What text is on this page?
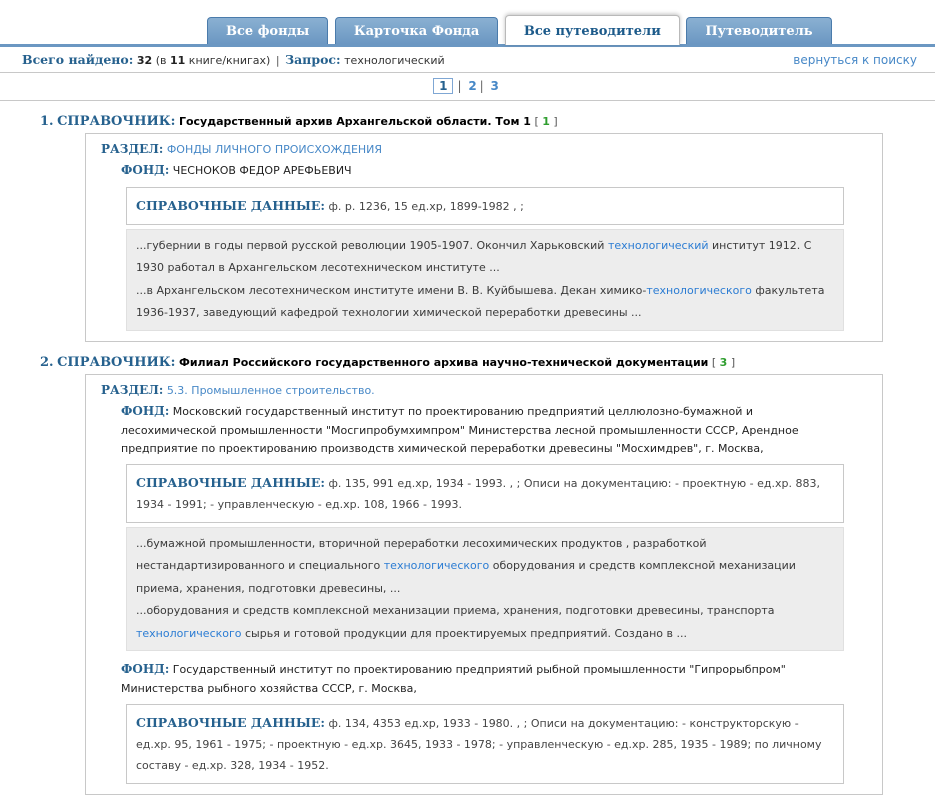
Все фонды	Карточка Фонда	Все путеводители	Путеводитель
Всего найдено: 32 (в 11 книге/книгах) | Запрос: технологический	вернуться к поиску
1 | 2 | 3
1. СПРАВОЧНИК: Государственный архив Архангельской области. Том 1 [ 1 ]
РАЗДЕЛ: ФОНДЫ ЛИЧНОГО ПРОИСХОЖДЕНИЯ
ФОНД: ЧЕСНОКОВ ФЕДОР АРЕФЬЕВИЧ
СПРАВОЧНЫЕ ДАННЫЕ: ф. р. 1236, 15 ед.хр, 1899-1982 , ;
...губернии в годы первой русской революции 1905-1907. Окончил Харьковский технологический институт 1912. С 1930 работал в Архангельском лесотехническом институте ...
...в Архангельском лесотехническом институте имени В. В. Куйбышева. Декан химико-технологического факультета 1936-1937, заведующий кафедрой технологии химической переработки древесины ...
2. СПРАВОЧНИК: Филиал Российского государственного архива научно-технической документации [ 3 ]
РАЗДЕЛ: 5.3. Промышленное строительство.
ФОНД: Московский государственный институт по проектированию предприятий целлюлозно-бумажной и лесохимической промышленности "Мосгипробумхимпром" Министерства лесной промышленности СССР, Арендное предприятие по проектированию производств химической переработки древесины "Мосхимдрев", г. Москва,
СПРАВОЧНЫЕ ДАННЫЕ: ф. 135, 991 ед.хр, 1934 - 1993. , ; Описи на документацию: - проектную - ед.хр. 883, 1934 - 1991; - управленческую - ед.хр. 108, 1966 - 1993.
...бумажной промышленности, вторичной переработки лесохимических продуктов , разработкой нестандартизированного и специального технологического оборудования и средств комплексной механизации приема, хранения, подготовки древесины, ...
...оборудования и средств комплексной механизации приема, хранения, подготовки древесины, транспорта технологического сырья и готовой продукции для проектируемых предприятий. Создано в ...
ФОНД: Государственный институт по проектированию предприятий рыбной промышленности "Гипрорыбпром" Министерства рыбного хозяйства СССР, г. Москва,
СПРАВОЧНЫЕ ДАННЫЕ: ф. 134, 4353 ед.хр, 1933 - 1980. , ; Описи на документацию: - конструкторскую - ед.хр. 95, 1961 - 1975; - проектную - ед.хр. 3645, 1933 - 1978; - управленческую - ед.хр. 285, 1935 - 1989; по личному составу - ед.хр. 328, 1934 - 1952.
